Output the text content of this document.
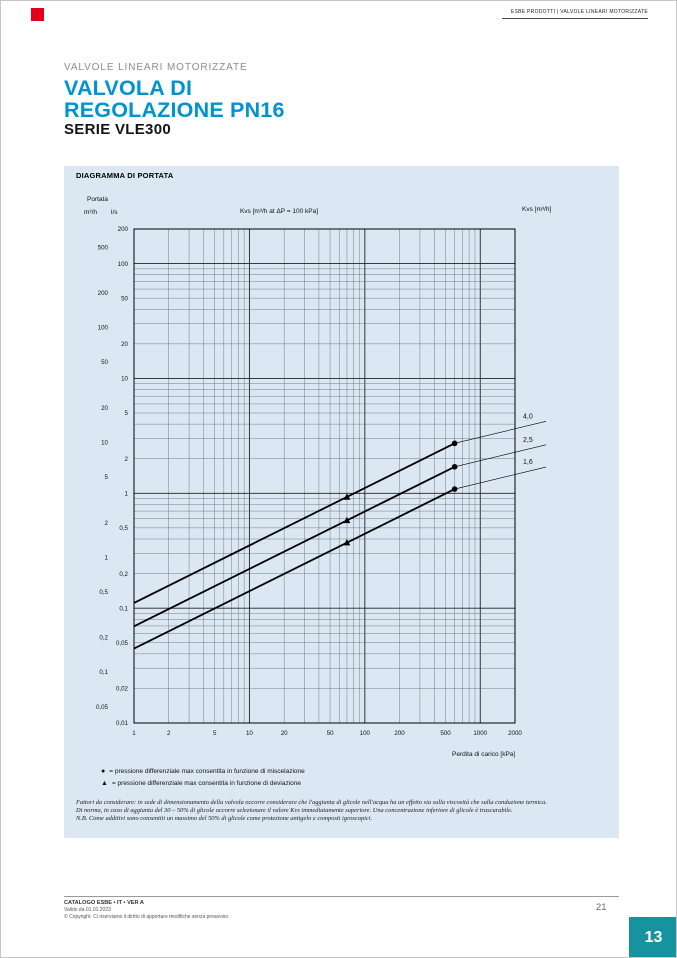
ESBE PRODOTTI | VALVOLE LINEARI MOTORIZZATE
VALVOLE LINEARI MOTORIZZATE
VALVOLA DI
REGOLAZIONE PN16
SERIE VLE300
DIAGRAMMA DI PORTATA
1	2	5	10	20	50	100	200	500	1000	2000
200
100
50
20
10
5
2
1
0,5
0,2
0,1
0,05
0,02
0,01
500
200
100
50
20
10
5
2
1
0,5
0,2
0,1
0,05
4,0
2,5
1,6
Portata
m³/h l/s	Kvs [m³/h at ΔP = 100 kPa]	Kvs [m³/h]
Perdita di carico [kPa]
● = pressione differenziale max consentita in funzione di miscelazione
▲ = pressione differenziale max consentita in funzione di deviazione
Fattori da considerare: in sede di dimensionamento della valvola occorre considerare che l'aggiunta di glicole nell'acqua ha un effetto sia sulla viscosità che sulla conduzione termica.
Di norma, in caso di aggiunta del 30 – 50% di glicole occorre selezionare il valore Kvs immediatamente superiore. Una concentrazione inferiore di glicole è trascurabile.
N.B. Come additivi sono consentiti un massimo del 50% di glicole come protezione antigelo e composti igroscopici.
CATALOGO ESBE • IT • VER A
Valido da 01.01.2023
© Copyright. Ci riserviamo il diritto di apportare modifiche senza preavviso.
21
13
